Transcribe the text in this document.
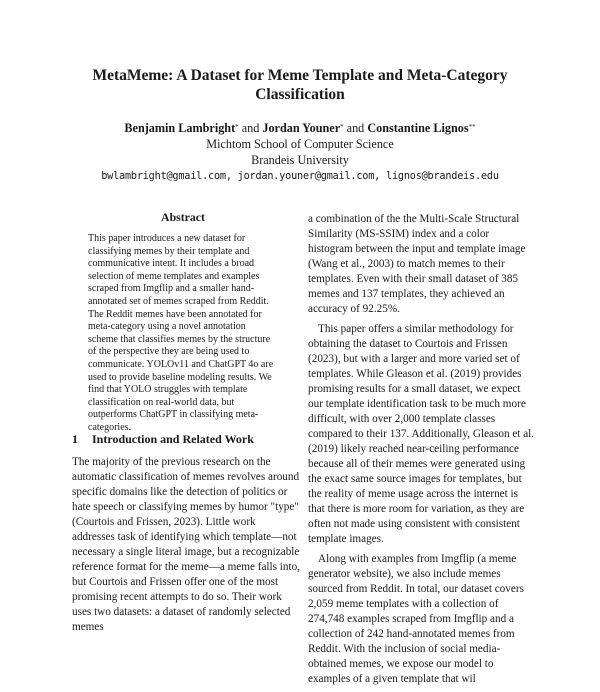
MetaMeme: A Dataset for Meme Template and Meta-Category Classification
Benjamin Lambright* and Jordan Youner* and Constantine Lignos**
Michtom School of Computer Science
Brandeis University
bwlambright@gmail.com, jordan.youner@gmail.com, lignos@brandeis.edu
Abstract

This paper introduces a new dataset for classifying memes by their template and communicative intent. It includes a broad selection of meme templates and examples scraped from Imgflip and a smaller hand-annotated set of memes scraped from Reddit. The Reddit memes have been annotated for meta-category using a novel annotation scheme that classifies memes by the structure of the perspective they are being used to communicate. YOLOv11 and ChatGPT 4o are used to provide baseline modeling results. We find that YOLO struggles with template classification on real-world data, but outperforms ChatGPT in classifying meta-categories.

1 Introduction and Related Work

The majority of the previous research on the automatic classification of memes revolves around specific domains like the detection of politics or hate speech or classifying memes by humor "type" (Courtois and Frissen, 2023). Little work addresses task of identifying which template—not necessary a single literal image, but a recognizable reference format for the meme—a meme falls into, but Courtois and Frissen offer one of the most promising recent attempts to do so. Their work uses two datasets: a dataset of randomly selected memes

a combination of the the Multi-Scale Structural Similarity (MS-SSIM) index and a color histogram between the input and template image (Wang et al., 2003) to match memes to their templates. Even with their small dataset of 385 memes and 137 templates, they achieved an accuracy of 92.25%.

This paper offers a similar methodology for obtaining the dataset to Courtois and Frissen (2023), but with a larger and more varied set of templates. While Gleason et al. (2019) provides promising results for a small dataset, we expect our template identification task to be much more difficult, with over 2,000 template classes compared to their 137. Additionally, Gleason et al. (2019) likely reached near-ceiling performance because all of their memes were generated using the exact same source images for templates, but the reality of meme usage across the internet is that there is more room for variation, as they are often not made using consistent with consistent template images.

Along with examples from Imgflip (a meme generator website), we also include memes sourced from Reddit. In total, our dataset covers 2,059 meme templates with a collection of 274,748 examples scraped from Imgflip and a collection of 242 hand-annotated memes from Reddit. With the inclusion of social media-obtained memes, we expose our model to examples of a given template that wil
